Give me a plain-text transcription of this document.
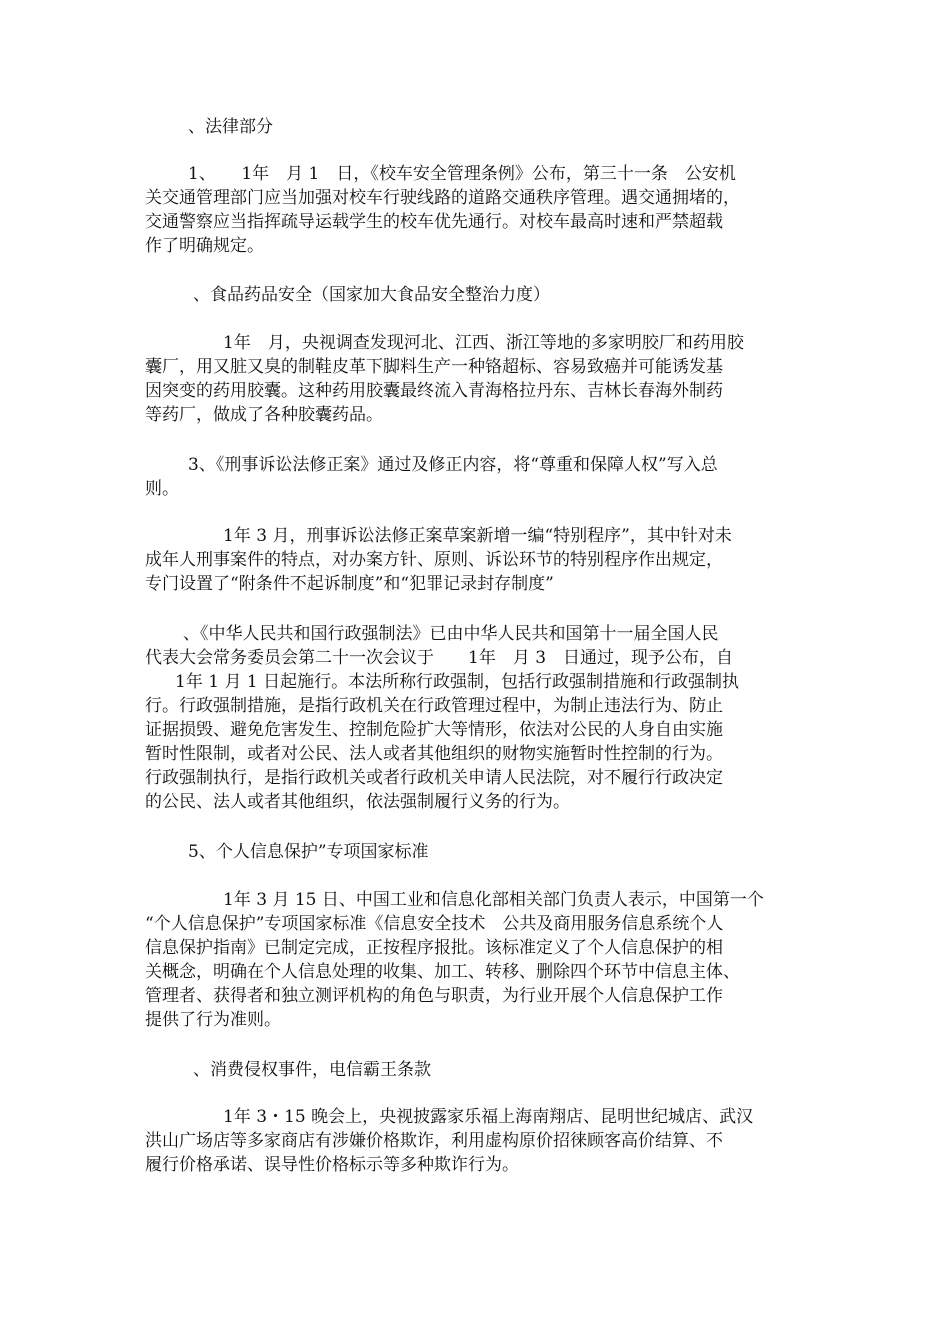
、法律部分
1、　　1年　月 1　日，《校车安全管理条例》公布，第三十一条　公安机
关交通管理部门应当加强对校车行驶线路的道路交通秩序管理。遇交通拥堵的，
交通警察应当指挥疏导运载学生的校车优先通行。对校车最高时速和严禁超载
作了明确规定。
、食品药品安全（国家加大食品安全整治力度）
1年　月，央视调查发现河北、江西、浙江等地的多家明胶厂和药用胶
囊厂，用又脏又臭的制鞋皮革下脚料生产一种铬超标、容易致癌并可能诱发基
因突变的药用胶囊。这种药用胶囊最终流入青海格拉丹东、吉林长春海外制药
等药厂，做成了各种胶囊药品。
3、《刑事诉讼法修正案》通过及修正内容，将“尊重和保障人权”写入总
则。
1年 3 月，刑事诉讼法修正案草案新增一编“特别程序”，其中针对未
成年人刑事案件的特点，对办案方针、原则、诉讼环节的特别程序作出规定，
专门设置了“附条件不起诉制度”和“犯罪记录封存制度”
、《中华人民共和国行政强制法》已由中华人民共和国第十一届全国人民
代表大会常务委员会第二十一次会议于　　1年　月 3　日通过，现予公布，自
1年 1 月 1 日起施行。本法所称行政强制，包括行政强制措施和行政强制执
行。行政强制措施，是指行政机关在行政管理过程中，为制止违法行为、防止
证据损毁、避免危害发生、控制危险扩大等情形，依法对公民的人身自由实施
暂时性限制，或者对公民、法人或者其他组织的财物实施暂时性控制的行为。
行政强制执行，是指行政机关或者行政机关申请人民法院，对不履行行政决定
的公民、法人或者其他组织，依法强制履行义务的行为。
5、个人信息保护”专项国家标准
1年 3 月 15 日、中国工业和信息化部相关部门负责人表示，中国第一个
“个人信息保护”专项国家标准《信息安全技术　公共及商用服务信息系统个人
信息保护指南》已制定完成，正按程序报批。该标准定义了个人信息保护的相
关概念，明确在个人信息处理的收集、加工、转移、删除四个环节中信息主体、
管理者、获得者和独立测评机构的角色与职责，为行业开展个人信息保护工作
提供了行为准则。
、消费侵权事件，电信霸王条款
1年 3・15 晚会上，央视披露家乐福上海南翔店、昆明世纪城店、武汉
洪山广场店等多家商店有涉嫌价格欺诈，利用虚构原价招徕顾客高价结算、不
履行价格承诺、误导性价格标示等多种欺诈行为。
